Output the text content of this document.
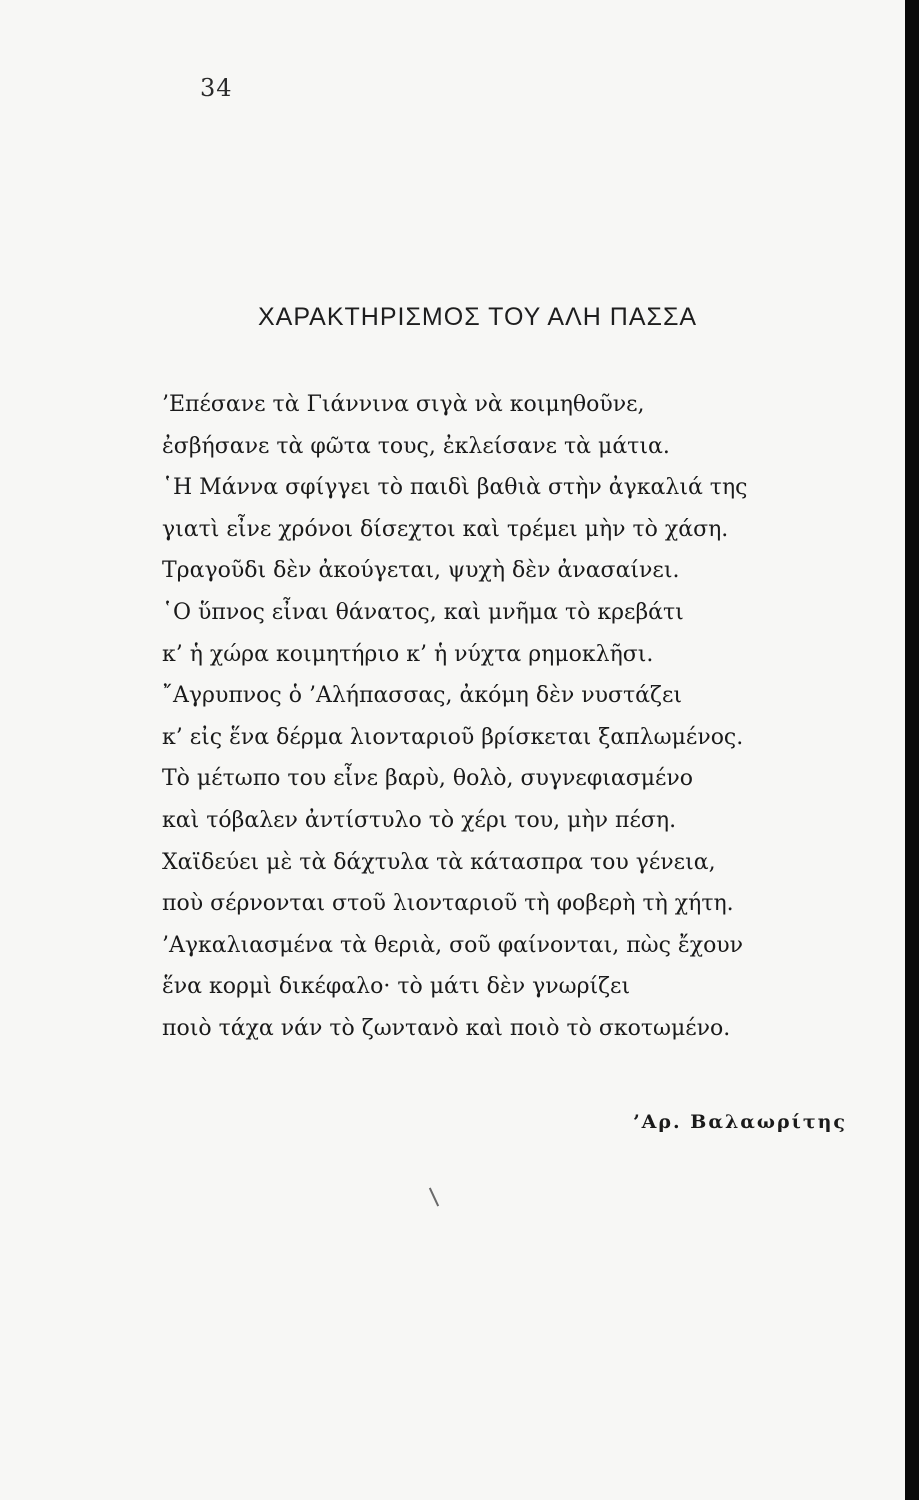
34
ΧΑΡΑΚΤΗΡΙΣΜΟΣ ΤΟΥ ΑΛΗ ΠΑΣΣΑ
’Επέσανε τὰ Γιάννινα σιγὰ νὰ κοιμηθοῦνε,
ἐσβήσανε τὰ φῶτα τους, ἐκλείσανε τὰ μάτια.
῾Η Μάννα σφίγγει τὸ παιδὶ βαθιὰ στὴν ἀγκαλιά της
γιατὶ εἶνε χρόνοι δίσεχτοι καὶ τρέμει μὴν τὸ χάση.
Τραγοῦδι δὲν ἀκούγεται, ψυχὴ δὲν ἀνασαίνει.
῾Ο ὕπνος εἶναι θάνατος, καὶ μνῆμα τὸ κρεβάτι
κ’ ἡ χώρα κοιμητήριο κ’ ἡ νύχτα ρημοκλῆσι.
῎Αγρυπνος ὁ ’Αλήπασσας, ἀκόμη δὲν νυστάζει
κ’ εἰς ἕνα δέρμα λιονταριοῦ βρίσκεται ξαπλωμένος.
Τὸ μέτωπο του εἶνε βαρὺ, θολὸ, συγνεφιασμένο
καὶ τόβαλεν ἀντίστυλο τὸ χέρι του, μὴν πέση.
Χαϊδεύει μὲ τὰ δάχτυλα τὰ κάτασπρα του γένεια,
ποὺ σέρνονται στοῦ λιονταριοῦ τὴ φοβερὴ τὴ χήτη.
’Αγκαλιασμένα τὰ θεριὰ, σοῦ φαίνονται, πὼς ἔχουν
ἕνα κορμὶ δικέφαλο· τὸ μάτι δὲν γνωρίζει
ποιὸ τάχα νάν τὸ ζωντανὸ καὶ ποιὸ τὸ σκοτωμένο.
’Αρ. Βαλαωρίτης
